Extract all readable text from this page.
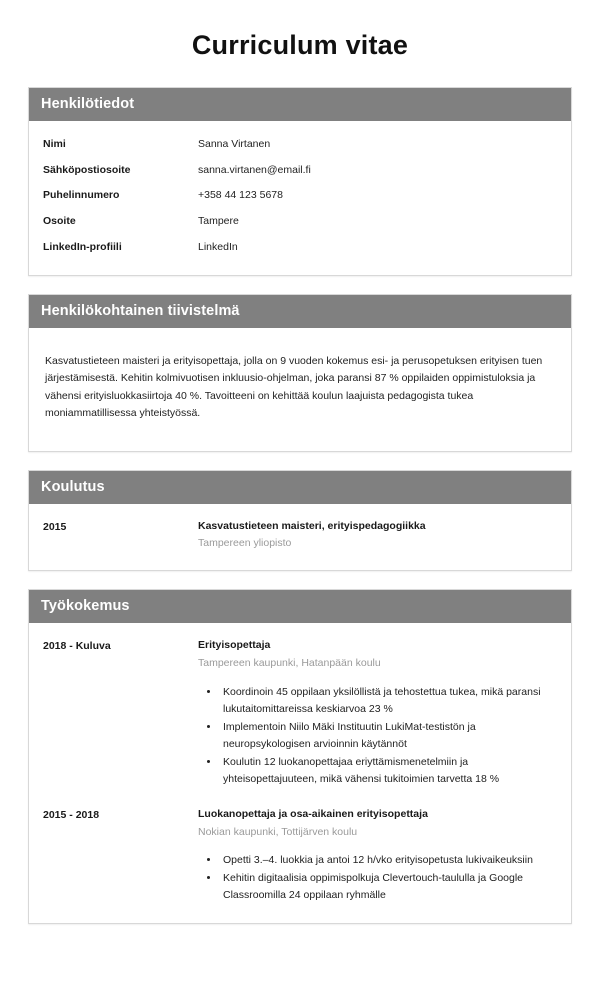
Curriculum vitae
Henkilötiedot
Nimi	Sanna Virtanen
Sähköpostiosoite	sanna.virtanen@email.fi
Puhelinnumero	+358 44 123 5678
Osoite	Tampere
LinkedIn-profiili	LinkedIn
Henkilökohtainen tiivistelmä

Kasvatustieteen maisteri ja erityisopettaja, jolla on 9 vuoden kokemus esi- ja perusopetuksen erityisen tuen järjestämisestä. Kehitin kolmivuotisen inkluusio-ohjelman, joka paransi 87 % oppilaiden oppimistuloksia ja vähensi erityisluokkasiirtoja 40 %. Tavoitteeni on kehittää koulun laajuista pedagogista tukea moniammatillisessa yhteistyössä.

Koulutus
2015	Kasvatustieteen maisteri, erityispedagogiikka
Tampereen yliopisto
Työkokemus
2018 - Kuluva	Erityisopettaja
Tampereen kaupunki, Hatanpään koulu
• Koordinoin 45 oppilaan yksilöllistä ja tehostettua tukea, mikä paransi lukutaitomittareissa keskiarvoa 23 %
• Implementoin Niilo Mäki Instituutin LukiMat-testistön ja neuropsykologisen arvioinnin käytännöt
• Koulutin 12 luokanopettajaa eriyttämismenetelmiin ja yhteisopettajuuteen, mikä vähensi tukitoimien tarvetta 18 %
2015 - 2018	Luokanopettaja ja osa-aikainen erityisopettaja
Nokian kaupunki, Tottijärven koulu
• Opetti 3.–4. luokkia ja antoi 12 h/vko erityisopetusta lukivaikeuksiin
• Kehitin digitaalisia oppimispolkuja Clevertouch-taululla ja Google Classroomilla 24 oppilaan ryhmälle
